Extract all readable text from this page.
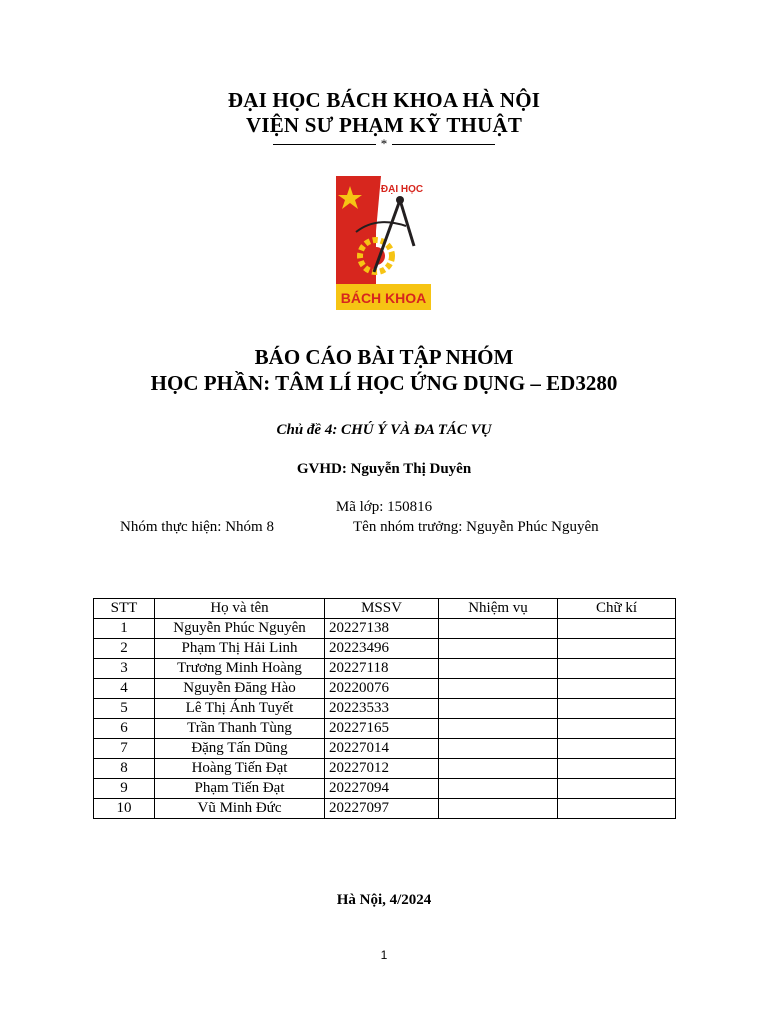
ĐẠI HỌC BÁCH KHOA HÀ NỘI
VIỆN SƯ PHẠM KỸ THUẬT
*
ĐẠI HỌC
BÁCH KHOA
BÁO CÁO BÀI TẬP NHÓM
HỌC PHẦN: TÂM LÍ HỌC ỨNG DỤNG – ED3280
Chủ đề 4: CHÚ Ý VÀ ĐA TÁC VỤ
GVHD: Nguyễn Thị Duyên
Mã lớp: 150816
Nhóm thực hiện: Nhóm 8	Tên nhóm trưởng: Nguyễn Phúc Nguyên
STT	Họ và tên	MSSV	Nhiệm vụ	Chữ kí
1	Nguyễn Phúc Nguyên	20227138		
2	Phạm Thị Hải Linh	20223496		
3	Trương Minh Hoàng	20227118		
4	Nguyễn Đăng Hào	20220076		
5	Lê Thị Ánh Tuyết	20223533		
6	Trần Thanh Tùng	20227165		
7	Đặng Tấn Dũng	20227014		
8	Hoàng Tiến Đạt	20227012		
9	Phạm Tiến Đạt	20227094		
10	Vũ Minh Đức	20227097		
Hà Nội, 4/2024
1
